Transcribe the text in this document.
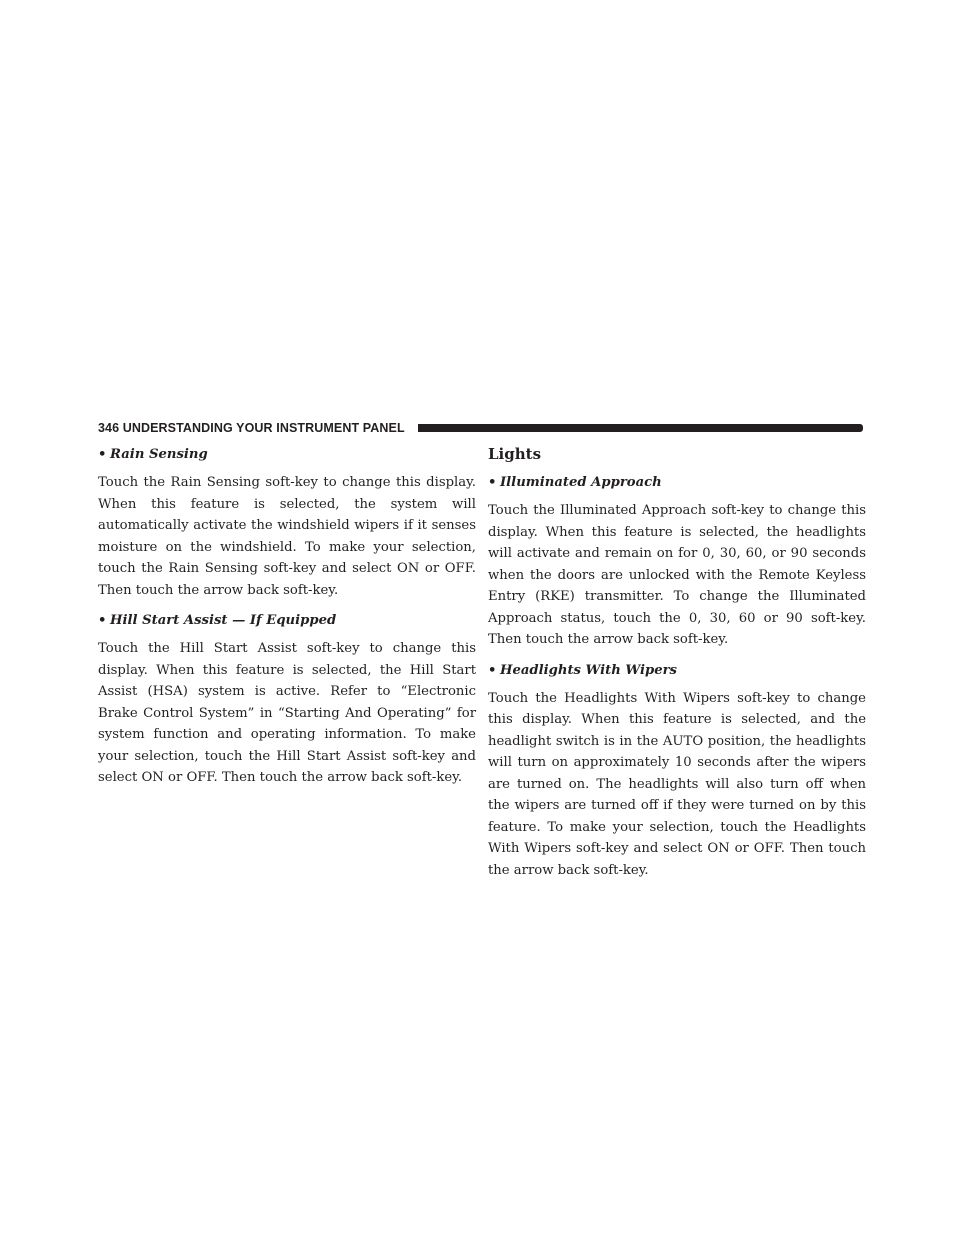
346 UNDERSTANDING YOUR INSTRUMENT PANEL
• Rain Sensing

Touch the Rain Sensing soft-key to change this display. When this feature is selected, the system will automatically activate the windshield wipers if it senses moisture on the windshield. To make your selection, touch the Rain Sensing soft-key and select ON or OFF. Then touch the arrow back soft-key.

• Hill Start Assist — If Equipped

Touch the Hill Start Assist soft-key to change this display. When this feature is selected, the Hill Start Assist (HSA) system is active. Refer to “Electronic Brake Control System” in “Starting And Operating” for system function and operating information. To make your selection, touch the Hill Start Assist soft-key and select ON or OFF. Then touch the arrow back soft-key.

Lights
• Illuminated Approach

Touch the Illuminated Approach soft-key to change this display. When this feature is selected, the headlights will activate and remain on for 0, 30, 60, or 90 seconds when the doors are unlocked with the Remote Keyless Entry (RKE) transmitter. To change the Illuminated Approach status, touch the 0, 30, 60 or 90 soft-key. Then touch the arrow back soft-key.

• Headlights With Wipers

Touch the Headlights With Wipers soft-key to change this display. When this feature is selected, and the headlight switch is in the AUTO position, the headlights will turn on approximately 10 seconds after the wipers are turned on. The headlights will also turn off when the wipers are turned off if they were turned on by this feature. To make your selection, touch the Headlights With Wipers soft-key and select ON or OFF. Then touch the arrow back soft-key.
